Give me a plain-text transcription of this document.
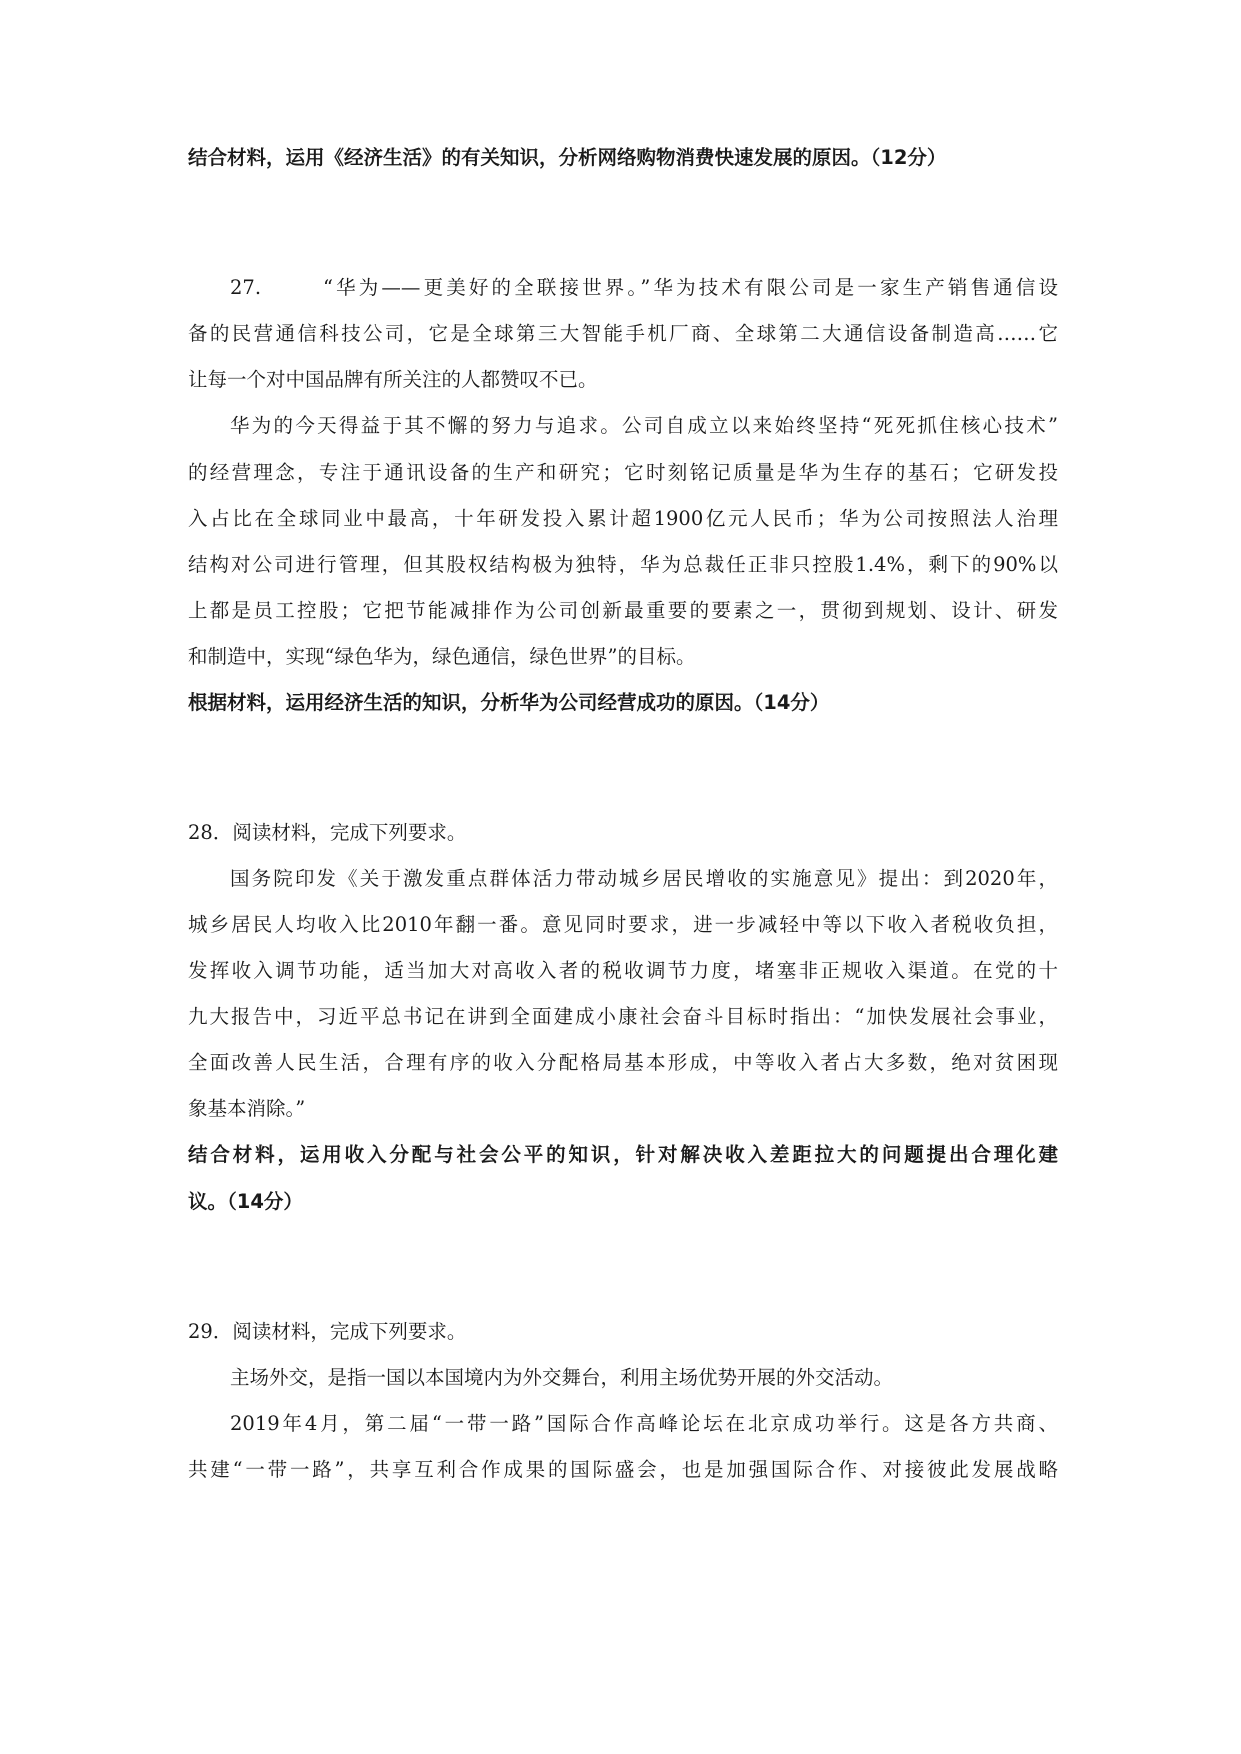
结合材料，运用《经济生活》的有关知识，分析网络购物消费快速发展的原因。（12分）
27.	“华为——更美好的全联接世界。”华为技术有限公司是一家生产销售通信设
备的民营通信科技公司，它是全球第三大智能手机厂商、全球第二大通信设备制造高……它
让每一个对中国品牌有所关注的人都赞叹不已。
华为的今天得益于其不懈的努力与追求。公司自成立以来始终坚持“死死抓住核心技术”
的经营理念，专注于通讯设备的生产和研究；它时刻铭记质量是华为生存的基石；它研发投
入占比在全球同业中最高，十年研发投入累计超1900亿元人民币；华为公司按照法人治理
结构对公司进行管理，但其股权结构极为独特，华为总裁任正非只控股1.4%，剩下的90%以
上都是员工控股；它把节能减排作为公司创新最重要的要素之一，贯彻到规划、设计、研发
和制造中，实现“绿色华为，绿色通信，绿色世界”的目标。
根据材料，运用经济生活的知识，分析华为公司经营成功的原因。（14分）
28．阅读材料，完成下列要求。
国务院印发《关于激发重点群体活力带动城乡居民增收的实施意见》提出：到2020年，
城乡居民人均收入比2010年翻一番。意见同时要求，进一步减轻中等以下收入者税收负担，
发挥收入调节功能，适当加大对高收入者的税收调节力度，堵塞非正规收入渠道。在党的十
九大报告中，习近平总书记在讲到全面建成小康社会奋斗目标时指出：“加快发展社会事业，
全面改善人民生活，合理有序的收入分配格局基本形成，中等收入者占大多数，绝对贫困现
象基本消除。”
结合材料，运用收入分配与社会公平的知识，针对解决收入差距拉大的问题提出合理化建
议。（14分）
29．阅读材料，完成下列要求。
主场外交，是指一国以本国境内为外交舞台，利用主场优势开展的外交活动。
2019年4月，第二届“一带一路”国际合作高峰论坛在北京成功举行。这是各方共商、
共建“一带一路”，共享互利合作成果的国际盛会，也是加强国际合作、对接彼此发展战略
